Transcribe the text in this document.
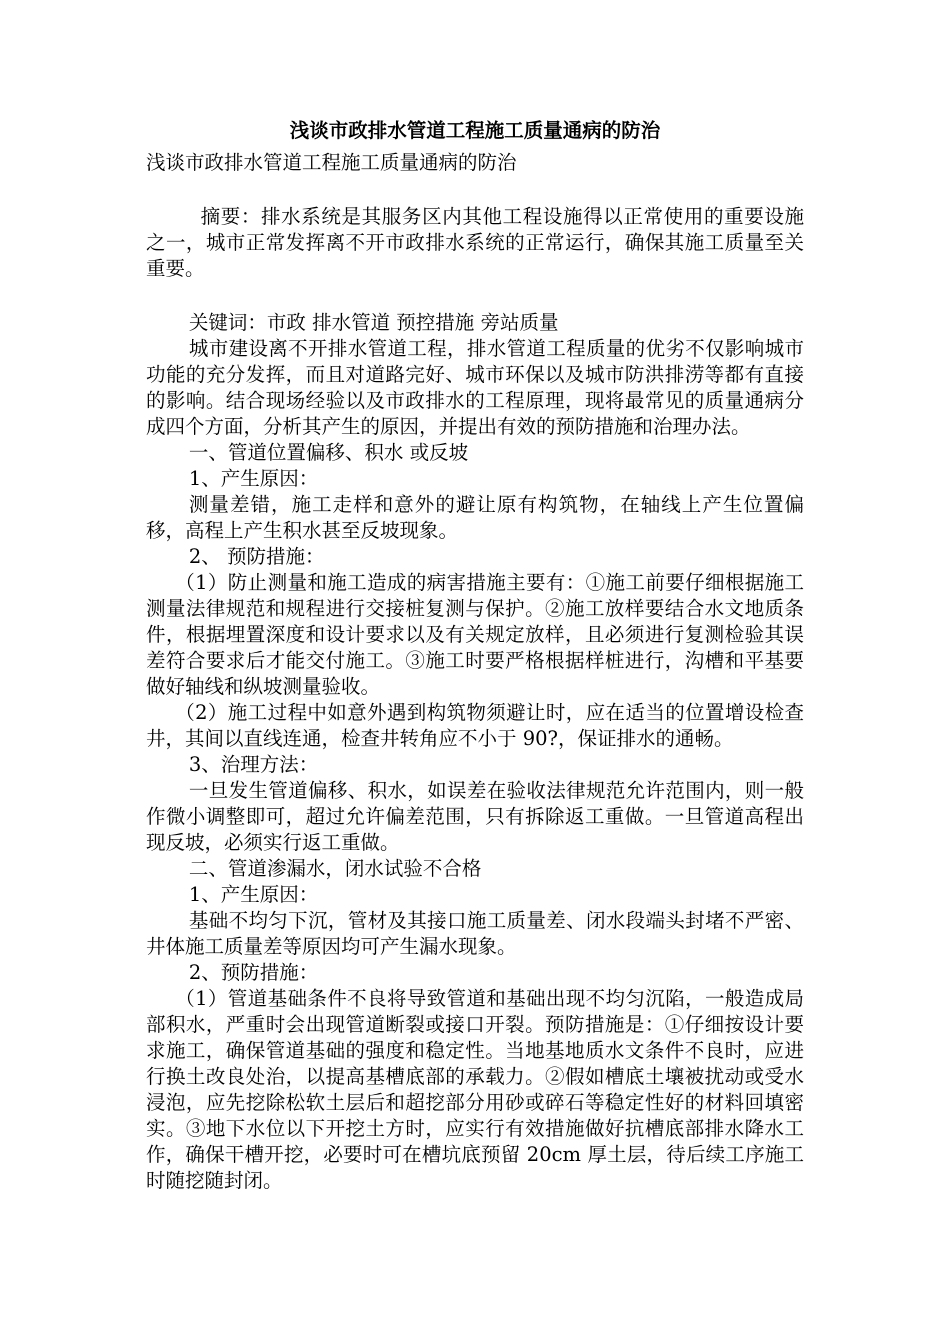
浅谈市政排水管道工程施工质量通病的防治

浅谈市政排水管道工程施工质量通病的防治

摘要：排水系统是其服务区内其他工程设施得以正常使用的重要设施之一，城市正常发挥离不开市政排水系统的正常运行，确保其施工质量至关重要。

关键词：市政 排水管道 预控措施 旁站质量

城市建设离不开排水管道工程，排水管道工程质量的优劣不仅影响城市功能的充分发挥，而且对道路完好、城市环保以及城市防洪排涝等都有直接的影响。结合现场经验以及市政排水的工程原理，现将最常见的质量通病分成四个方面，分析其产生的原因，并提出有效的预防措施和治理办法。

一、管道位置偏移、积水 或反坡

1、产生原因：

测量差错，施工走样和意外的避让原有构筑物，在轴线上产生位置偏移，高程上产生积水甚至反坡现象。

2、 预防措施：

（1）防止测量和施工造成的病害措施主要有：①施工前要仔细根据施工测量法律规范和规程进行交接桩复测与保护。②施工放样要结合水文地质条件，根据埋置深度和设计要求以及有关规定放样，且必须进行复测检验其误差符合要求后才能交付施工。③施工时要严格根据样桩进行，沟槽和平基要做好轴线和纵坡测量验收。

（2）施工过程中如意外遇到构筑物须避让时，应在适当的位置增设检查井，其间以直线连通，检查井转角应不小于 90?，保证排水的通畅。

3、治理方法：

一旦发生管道偏移、积水，如误差在验收法律规范允许范围内，则一般作微小调整即可，超过允许偏差范围，只有拆除返工重做。一旦管道高程出现反坡，必须实行返工重做。

二、管道渗漏水，闭水试验不合格

1、产生原因：

基础不均匀下沉，管材及其接口施工质量差、闭水段端头封堵不严密、井体施工质量差等原因均可产生漏水现象。

2、预防措施：

（1）管道基础条件不良将导致管道和基础出现不均匀沉陷，一般造成局部积水，严重时会出现管道断裂或接口开裂。预防措施是：①仔细按设计要求施工，确保管道基础的强度和稳定性。当地基地质水文条件不良时，应进行换土改良处治，以提高基槽底部的承载力。②假如槽底土壤被扰动或受水浸泡，应先挖除松软土层后和超挖部分用砂或碎石等稳定性好的材料回填密实。③地下水位以下开挖土方时，应实行有效措施做好抗槽底部排水降水工作，确保干槽开挖，必要时可在槽坑底预留 20cm 厚土层，待后续工序施工时随挖随封闭。
